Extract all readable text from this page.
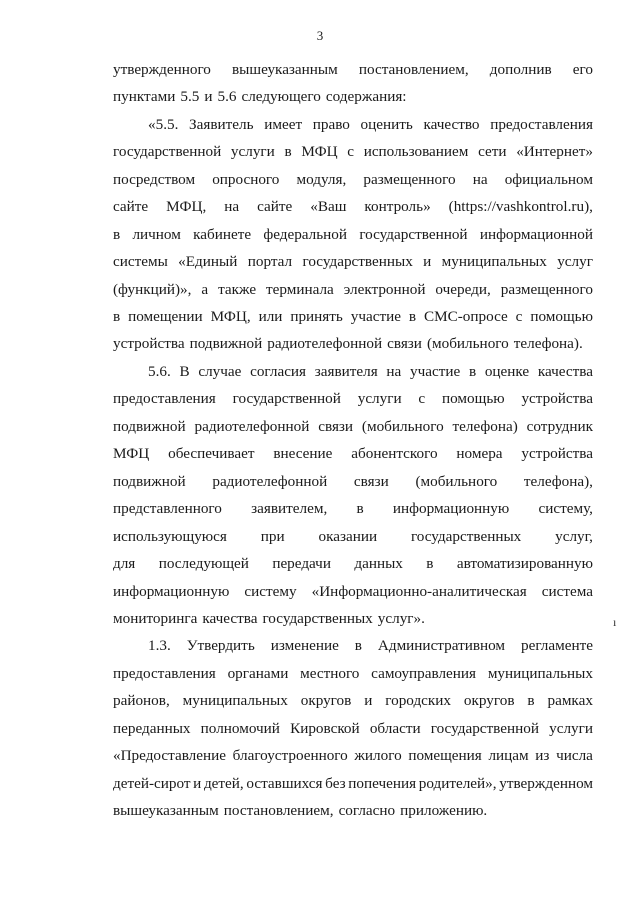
3
утвержденного вышеуказанным постановлением, дополнив его
пунктами 5.5 и 5.6 следующего содержания:
«5.5. Заявитель имеет право оценить качество предоставления
государственной услуги в МФЦ с использованием сети «Интернет»
посредством опросного модуля, размещенного на официальном
сайте МФЦ, на сайте «Ваш контроль» (https://vashkontrol.ru),
в личном кабинете федеральной государственной информационной
системы «Единый портал государственных и муниципальных услуг
(функций)», а также терминала электронной очереди, размещенного
в помещении МФЦ, или принять участие в СМС-опросе с помощью
устройства подвижной радиотелефонной связи (мобильного телефона).
5.6. В случае согласия заявителя на участие в оценке качества
предоставления государственной услуги с помощью устройства
подвижной радиотелефонной связи (мобильного телефона) сотрудник
МФЦ обеспечивает внесение абонентского номера устройства
подвижной радиотелефонной связи (мобильного телефона),
представленного заявителем, в информационную систему,
использующуюся при оказании государственных услуг,
для последующей передачи данных в автоматизированную
информационную систему «Информационно-аналитическая система
мониторинга качества государственных услуг».
1.3. Утвердить изменение в Административном регламенте
предоставления органами местного самоуправления муниципальных
районов, муниципальных округов и городских округов в рамках
переданных полномочий Кировской области государственной услуги
«Предоставление благоустроенного жилого помещения лицам из числа
детей-сирот и детей, оставшихся без попечения родителей», утвержденном
вышеуказанным постановлением, согласно приложению.
ı
